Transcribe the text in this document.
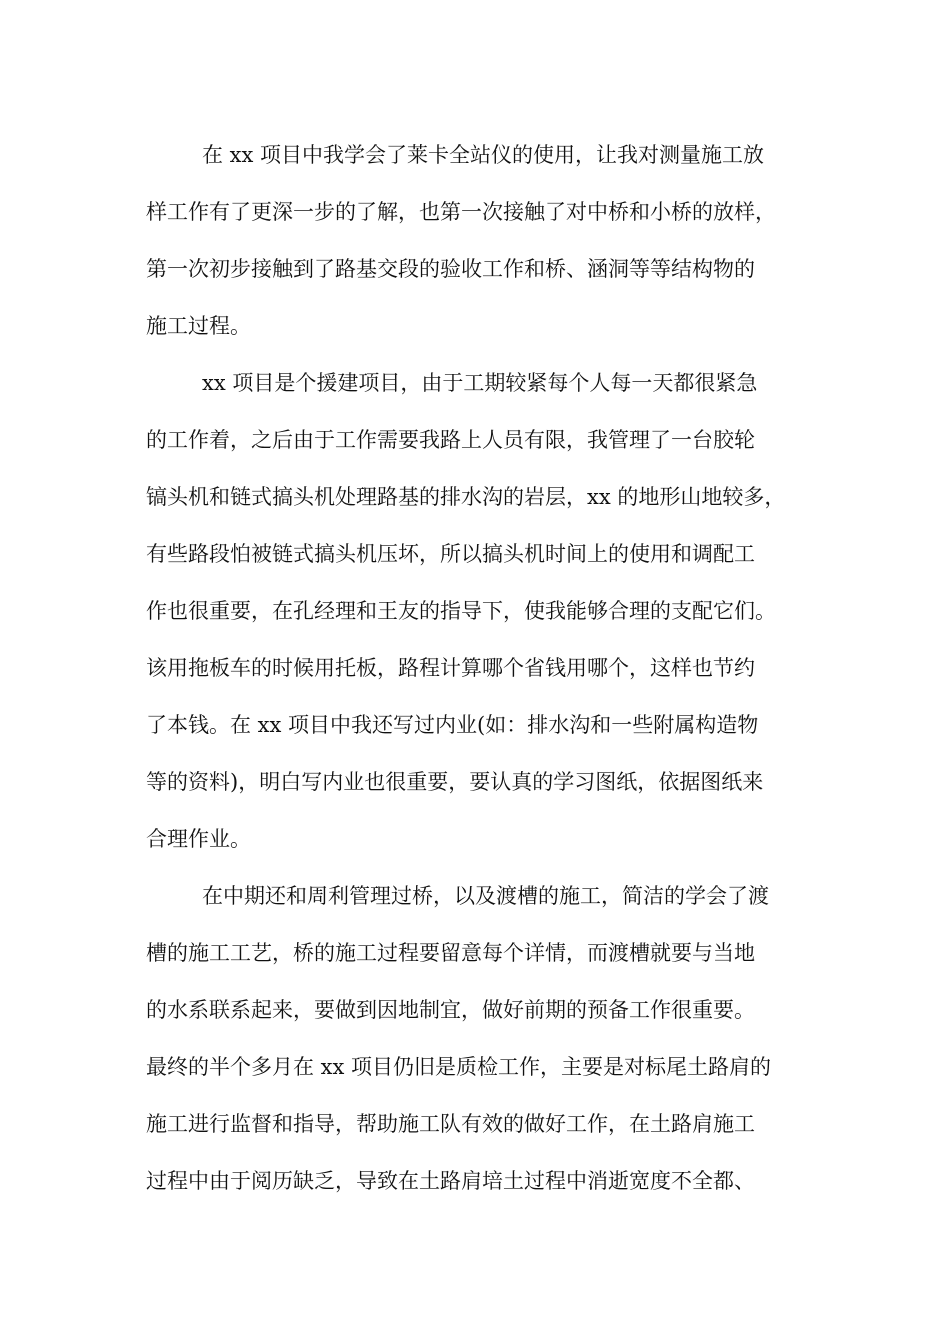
在 xx 项目中我学会了莱卡全站仪的使用，让我对测量施工放
样工作有了更深一步的了解，也第一次接触了对中桥和小桥的放样，
第一次初步接触到了路基交段的验收工作和桥、涵洞等等结构物的
施工过程。
xx 项目是个援建项目，由于工期较紧每个人每一天都很紧急
的工作着，之后由于工作需要我路上人员有限，我管理了一台胶轮
镐头机和链式搞头机处理路基的排水沟的岩层，xx 的地形山地较多，
有些路段怕被链式搞头机压坏，所以搞头机时间上的使用和调配工
作也很重要，在孔经理和王友的指导下，使我能够合理的支配它们。
该用拖板车的时候用托板，路程计算哪个省钱用哪个，这样也节约
了本钱。在 xx 项目中我还写过内业(如：排水沟和一些附属构造物
等的资料)，明白写内业也很重要，要认真的学习图纸，依据图纸来
合理作业。
在中期还和周利管理过桥，以及渡槽的施工，简洁的学会了渡
槽的施工工艺，桥的施工过程要留意每个详情，而渡槽就要与当地
的水系联系起来，要做到因地制宜，做好前期的预备工作很重要。
最终的半个多月在 xx 项目仍旧是质检工作，主要是对标尾土路肩的
施工进行监督和指导，帮助施工队有效的做好工作，在土路肩施工
过程中由于阅历缺乏，导致在土路肩培土过程中消逝宽度不全都、
